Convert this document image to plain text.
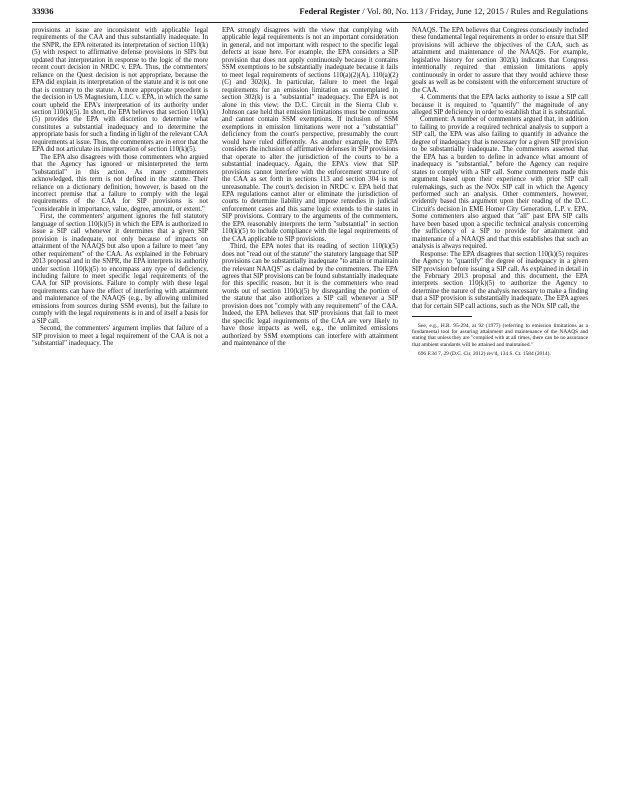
33936	Federal Register / Vol. 80, No. 113 / Friday, June 12, 2015 / Rules and Regulations

provisions at issue are inconsistent with applicable legal requirements of the CAA and thus substantially inadequate. In the SNPR, the EPA reiterated its interpretation of section 110(k)(5) with respect to affirmative defense provisions in SIPs but updated that interpretation in response to the logic of the more recent court decision in NRDC v. EPA. Thus, the commenters' reliance on the Quest decision is not appropriate, because the EPA did explain its interpretation of the statute and it is not one that is contrary to the statute. A more appropriate precedent is the decision in US Magnesium, LLC v. EPA, in which the same court upheld the EPA's interpretation of its authority under section 110(k)(5). In short, the EPA believes that section 110(k)(5) provides the EPA with discretion to determine what constitutes a substantial inadequacy and to determine the appropriate basis for such a finding in light of the relevant CAA requirements at issue. Thus, the commenters are in error that the EPA did not articulate its interpretation of section 110(k)(5).

The EPA also disagrees with those commenters who argued that the Agency has ignored or misinterpreted the term "substantial" in this action. As many commenters acknowledged, this term is not defined in the statute. Their reliance on a dictionary definition, however, is based on the incorrect premise that a failure to comply with the legal requirements of the CAA for SIP provisions is not "considerable in importance, value, degree, amount, or extent."

First, the commenters' argument ignores the full statutory language of section 110(k)(5) in which the EPA is authorized to issue a SIP call whenever it determines that a given SIP provision is inadequate, not only because of impacts on attainment of the NAAQS but also upon a failure to meet "any other requirement" of the CAA. As explained in the February 2013 proposal and in the SNPR, the EPA interprets its authority under section 110(k)(5) to encompass any type of deficiency, including failure to meet specific legal requirements of the CAA for SIP provisions. Failure to comply with these legal requirements can have the effect of interfering with attainment and maintenance of the NAAQS (e.g., by allowing unlimited emissions from sources during SSM events), but the failure to comply with the legal requirements is in and of itself a basis for a SIP call.

Second, the commenters' argument implies that failure of a SIP provision to meet a legal requirement of the CAA is not a "substantial" inadequacy. The

EPA strongly disagrees with the view that complying with applicable legal requirements is not an important consideration in general, and not important with respect to the specific legal defects at issue here. For example, the EPA considers a SIP provision that does not apply continuously because it contains SSM exemptions to be substantially inadequate because it fails to meet legal requirements of sections 110(a)(2)(A), 110(a)(2)(C) and 302(k). In particular, failure to meet the legal requirements for an emission limitation as contemplated in section 302(k) is a "substantial" inadequacy. The EPA is not alone in this view; the D.C. Circuit in the Sierra Club v. Johnson case held that emission limitations must be continuous and cannot contain SSM exemptions. If inclusion of SSM exemptions in emission limitations were not a "substantial" deficiency from the court's perspective, presumably the court would have ruled differently. As another example, the EPA considers the inclusion of affirmative defenses in SIP provisions that operate to alter the jurisdiction of the courts to be a substantial inadequacy. Again, the EPA's view that SIP provisions cannot interfere with the enforcement structure of the CAA as set forth in sections 113 and section 304 is not unreasonable. The court's decision in NRDC v. EPA held that EPA regulations cannot alter or eliminate the jurisdiction of courts to determine liability and impose remedies in judicial enforcement cases and this same logic extends to the states in SIP provisions. Contrary to the arguments of the commenters, the EPA reasonably interprets the term "substantial" in section 110(k)(5) to include compliance with the legal requirements of the CAA applicable to SIP provisions.

Third, the EPA notes that its reading of section 110(k)(5) does not "read out of the statute" the statutory language that SIP provisions can be substantially inadequate "to attain or maintain the relevant NAAQS" as claimed by the commenters. The EPA agrees that SIP provisions can be found substantially inadequate for this specific reason, but it is the commenters who read words out of section 110(k)(5) by disregarding the portion of the statute that also authorizes a SIP call whenever a SIP provision does not "comply with any requirement" of the CAA. Indeed, the EPA believes that SIP provisions that fail to meet the specific legal requirements of the CAA are very likely to have those impacts as well, e.g., the unlimited emissions authorized by SSM exemptions can interfere with attainment and maintenance of the

NAAQS. The EPA believes that Congress consciously included these fundamental legal requirements in order to ensure that SIP provisions will achieve the objectives of the CAA, such as attainment and maintenance of the NAAQS. For example, legislative history for section 302(k) indicates that Congress intentionally required that emission limitations apply continuously in order to assure that they would achieve those goals as well as be consistent with the enforcement structure of the CAA.

4. Comments that the EPA lacks authority to issue a SIP call because it is required to "quantify" the magnitude of any alleged SIP deficiency in order to establish that it is substantial.

Comment: A number of commenters argued that, in addition to failing to provide a required technical analysis to support a SIP call, the EPA was also failing to quantify in advance the degree of inadequacy that is necessary for a given SIP provision to be substantially inadequate. The commenters asserted that the EPA has a burden to define in advance what amount of inadequacy is "substantial," before the Agency can require states to comply with a SIP call. Some commenters made this argument based upon their experience with prior SIP call rulemakings, such as the NOx SIP call in which the Agency performed such an analysis. Other commenters, however, evidently based this argument upon their reading of the D.C. Circuit's decision in EME Homer City Generation, L.P. v. EPA. Some commenters also argued that "all" past EPA SIP calls have been based upon a specific technical analysis concerning the sufficiency of a SIP to provide for attainment and maintenance of a NAAQS and that this establishes that such an analysis is always required.

Response: The EPA disagrees that section 110(k)(5) requires the Agency to "quantify" the degree of inadequacy in a given SIP provision before issuing a SIP call. As explained in detail in the February 2013 proposal and this document, the EPA interprets section 110(k)(5) to authorize the Agency to determine the nature of the analysis necessary to make a finding that a SIP provision is substantially inadequate. The EPA agrees that for certain SIP call actions, such as the NOx SIP call, the

See, e.g., H.R. 95-294, at 92 (1977) (referring to emission limitations as a fundamental tool for assuring attainment and maintenance of the NAAQS and stating that unless they are "complied with at all times, there can be no assurance that ambient standards will be attained and maintained."

696 F.3d 7, 29 (D.C. Cir. 2012) rev'd, 134 S. Ct. 1584 (2014).
